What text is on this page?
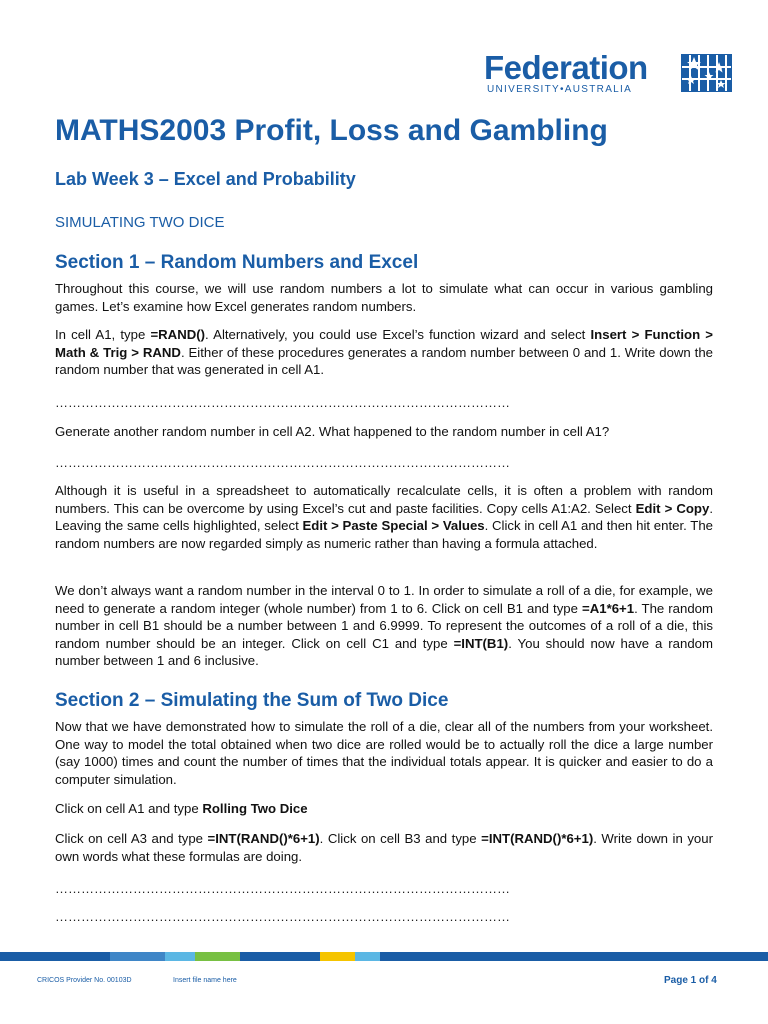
Federation
UNIVERSITY•AUSTRALIA
MATHS2003 Profit, Loss and Gambling
Lab Week 3 – Excel and Probability
SIMULATING TWO DICE
Section 1 – Random Numbers and Excel

Throughout this course, we will use random numbers a lot to simulate what can occur in various gambling games. Let’s examine how Excel generates random numbers.

In cell A1, type =RAND(). Alternatively, you could use Excel’s function wizard and select Insert > Function > Math & Trig > RAND. Either of these procedures generates a random number between 0 and 1. Write down the random number that was generated in cell A1.

……………………………………………………………………………………………

Generate another random number in cell A2. What happened to the random number in cell A1?

……………………………………………………………………………………………

Although it is useful in a spreadsheet to automatically recalculate cells, it is often a problem with random numbers. This can be overcome by using Excel’s cut and paste facilities. Copy cells A1:A2. Select Edit > Copy. Leaving the same cells highlighted, select Edit > Paste Special > Values. Click in cell A1 and then hit enter. The random numbers are now regarded simply as numeric rather than having a formula attached.

We don’t always want a random number in the interval 0 to 1. In order to simulate a roll of a die, for example, we need to generate a random integer (whole number) from 1 to 6. Click on cell B1 and type =A1*6+1. The random number in cell B1 should be a number between 1 and 6.9999. To represent the outcomes of a roll of a die, this random number should be an integer. Click on cell C1 and type =INT(B1). You should now have a random number between 1 and 6 inclusive.

Section 2 – Simulating the Sum of Two Dice

Now that we have demonstrated how to simulate the roll of a die, clear all of the numbers from your worksheet. One way to model the total obtained when two dice are rolled would be to actually roll the dice a large number (say 1000) times and count the number of times that the individual totals appear. It is quicker and easier to do a computer simulation.

Click on cell A1 and type Rolling Two Dice

Click on cell A3 and type =INT(RAND()*6+1). Click on cell B3 and type =INT(RAND()*6+1). Write down in your own words what these formulas are doing.

……………………………………………………………………………………………
……………………………………………………………………………………………
CRICOS Provider No. 00103D	Insert file name here	Page 1 of 4
